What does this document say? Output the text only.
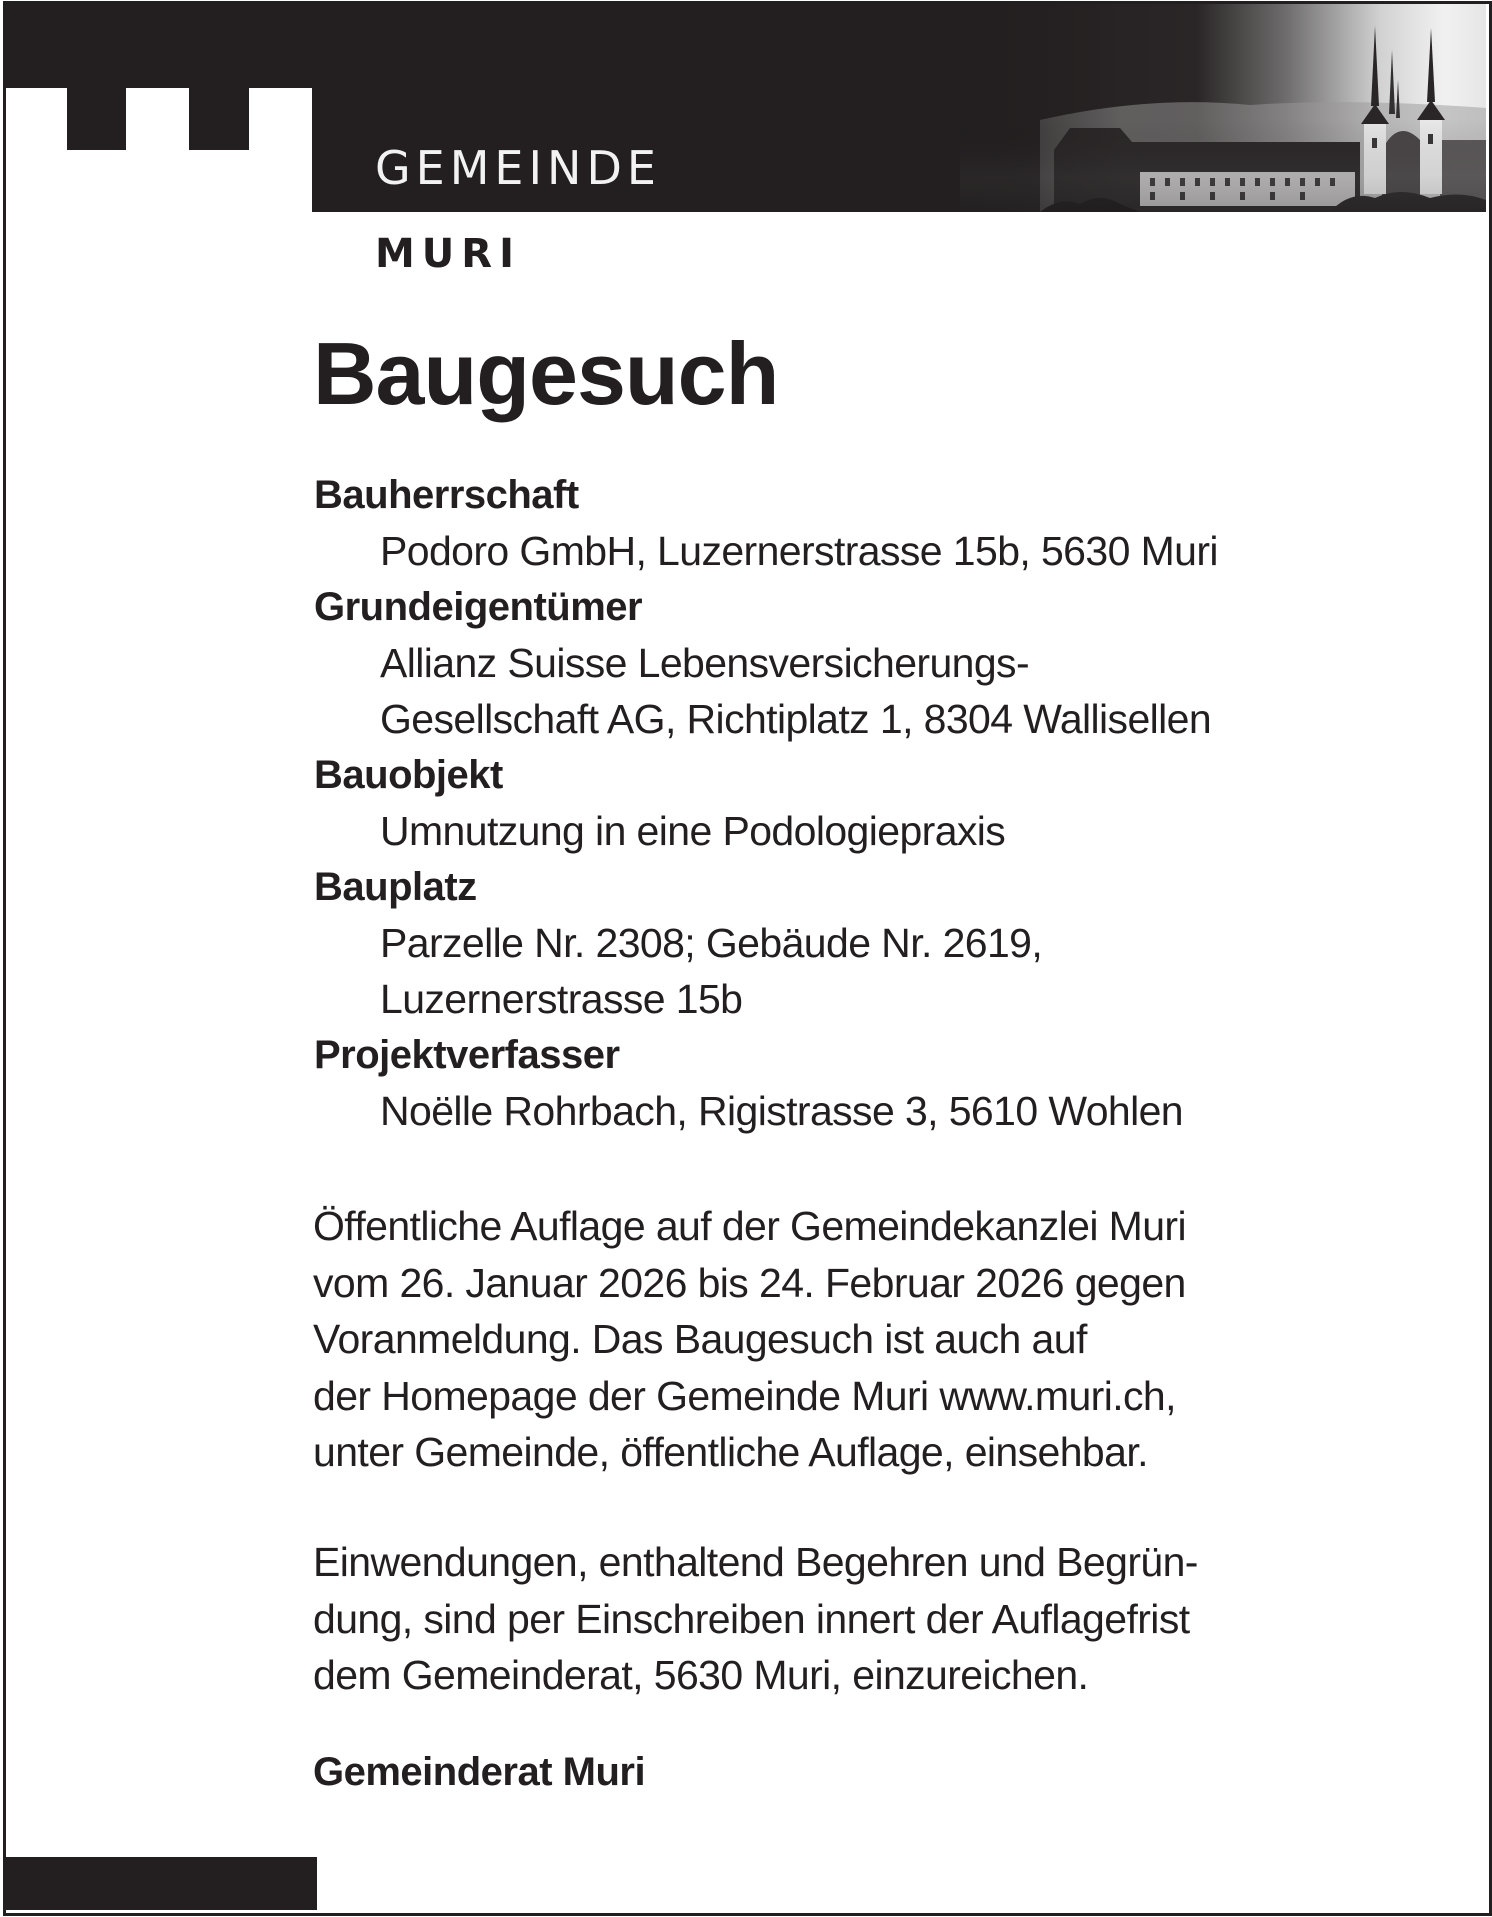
GEMEINDE
MURI
Baugesuch
Bauherrschaft
Podoro GmbH, Luzernerstrasse 15b, 5630 Muri
Grundeigentümer
Allianz Suisse Lebensversicherungs-
Gesellschaft AG, Richtiplatz 1, 8304 Wallisellen
Bauobjekt
Umnutzung in eine Podologiepraxis
Bauplatz
Parzelle Nr. 2308; Gebäude Nr. 2619,
Luzernerstrasse 15b
Projektverfasser
Noëlle Rohrbach, Rigistrasse 3, 5610 Wohlen

Öffentliche Auflage auf der Gemeindekanzlei Muri
vom 26. Januar 2026 bis 24. Februar 2026 gegen
Voranmeldung. Das Baugesuch ist auch auf
der Homepage der Gemeinde Muri www.muri.ch,
unter Gemeinde, öffentliche Auflage, einsehbar.

Einwendungen, enthaltend Begehren und Begrün-
dung, sind per Einschreiben innert der Auflagefrist
dem Gemeinderat, 5630 Muri, einzureichen.

Gemeinderat Muri
